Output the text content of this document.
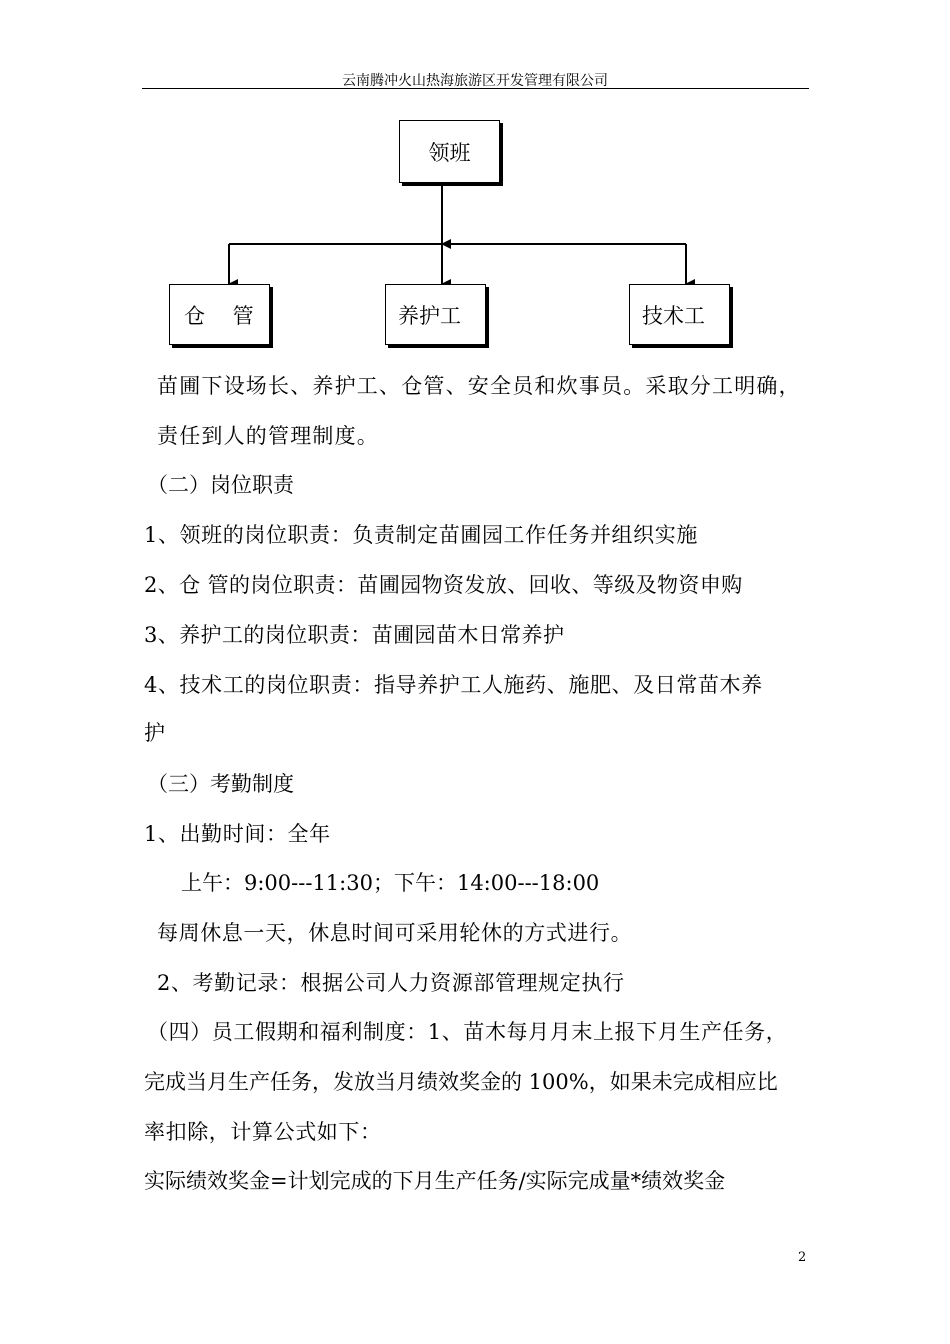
云南腾冲火山热海旅游区开发管理有限公司
领班
仓　 管	养护工	技术工
苗圃下设场长、养护工、仓管、安全员和炊事员。采取分工明确，
责任到人的管理制度。
（二）岗位职责
1、领班的岗位职责：负责制定苗圃园工作任务并组织实施
2、仓 管的岗位职责：苗圃园物资发放、回收、等级及物资申购
3、养护工的岗位职责：苗圃园苗木日常养护
4、技术工的岗位职责：指导养护工人施药、施肥、及日常苗木养
护
（三）考勤制度
1、出勤时间：全年
上午：9:00---11:30；下午：14:00---18:00
每周休息一天，休息时间可采用轮休的方式进行。
2、考勤记录：根据公司人力资源部管理规定执行
（四）员工假期和福利制度：1、苗木每月月末上报下月生产任务，
完成当月生产任务，发放当月绩效奖金的 100%，如果未完成相应比
率扣除，计算公式如下：
实际绩效奖金=计划完成的下月生产任务/实际完成量*绩效奖金
2
